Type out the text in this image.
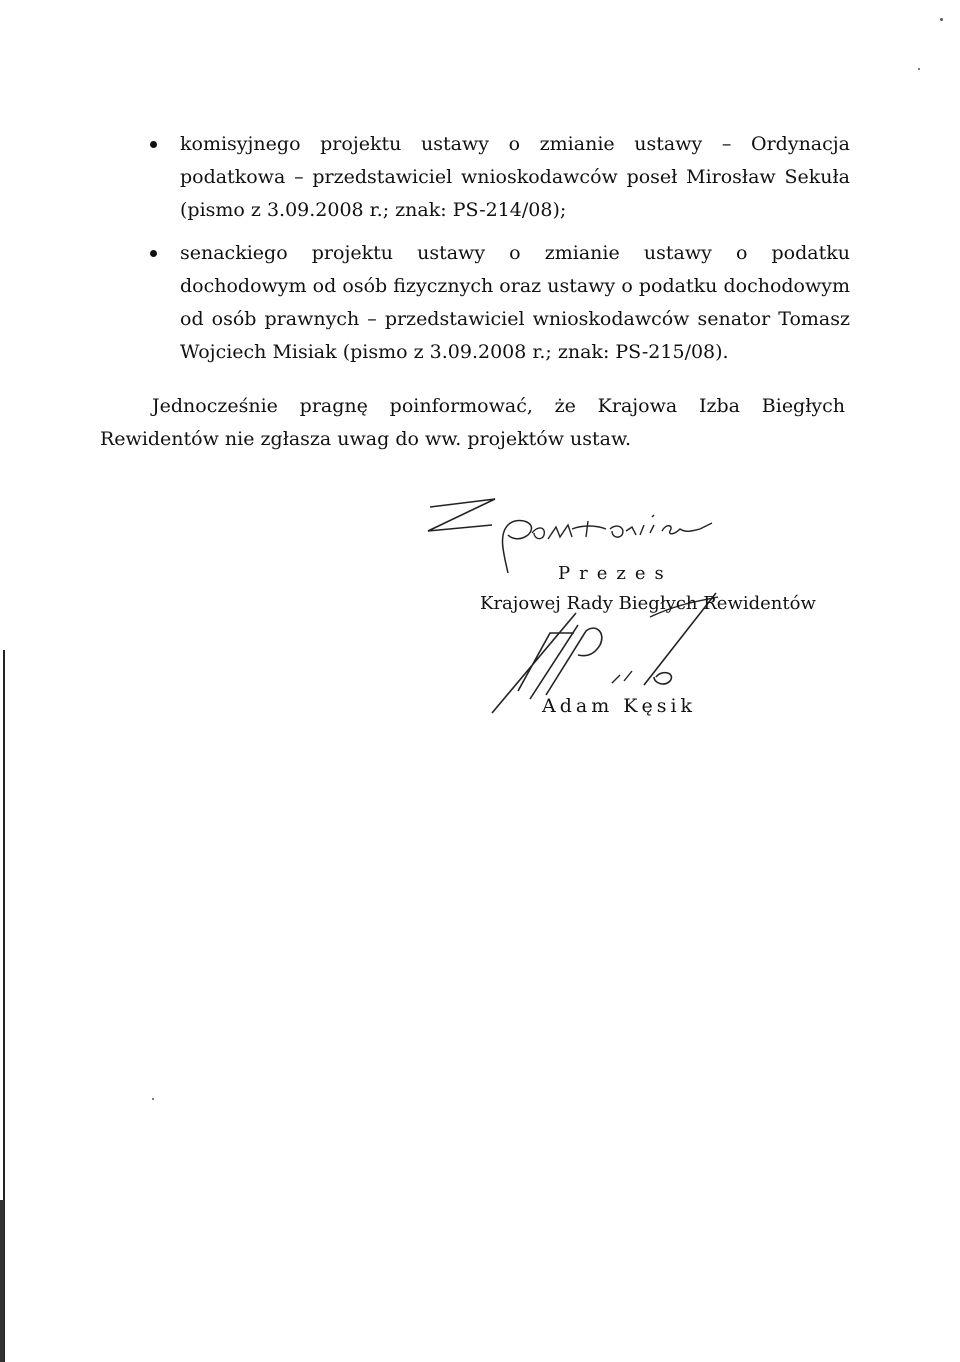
komisyjnego projektu ustawy o zmianie ustawy – Ordynacja podatkowa – przedstawiciel wnioskodawców poseł Mirosław Sekuła (pismo z 3.09.2008 r.; znak: PS-214/08);

senackiego projektu ustawy o zmianie ustawy o podatku dochodowym od osób fizycznych oraz ustawy o podatku dochodowym od osób prawnych – przedstawiciel wnioskodawców senator Tomasz Wojciech Misiak (pismo z 3.09.2008 r.; znak: PS-215/08).

Jednocześnie pragnę poinformować, że Krajowa Izba Biegłych Rewidentów nie zgłasza uwag do ww. projektów ustaw.

Prezes
Krajowej Rady Biegłych Rewidentów
Adam Kęsik
